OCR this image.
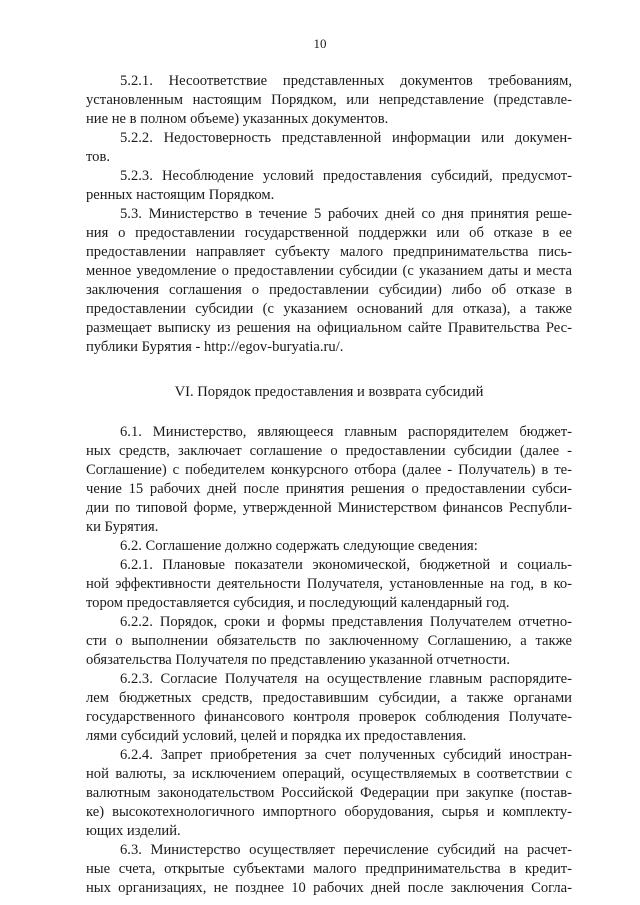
10

5.2.1. Несоответствие представленных документов требованиям,
установленным настоящим Порядком, или непредставление (представле-
ние не в полном объеме) указанных документов.

5.2.2. Недостоверность представленной информации или докумен-
тов.

5.2.3. Несоблюдение условий предоставления субсидий, предусмот-
ренных настоящим Порядком.

5.3. Министерство в течение 5 рабочих дней со дня принятия реше-
ния о предоставлении государственной поддержки или об отказе в ее
предоставлении направляет субъекту малого предпринимательства пись-
менное уведомление о предоставлении субсидии (с указанием даты и места
заключения соглашения о предоставлении субсидии) либо об отказе в
предоставлении субсидии (с указанием оснований для отказа), а также
размещает выписку из решения на официальном сайте Правительства Рес-
публики Бурятия - http://egov-buryatia.ru/.

VI. Порядок предоставления и возврата субсидий

6.1. Министерство, являющееся главным распорядителем бюджет-
ных средств, заключает соглашение о предоставлении субсидии (далее -
Соглашение) с победителем конкурсного отбора (далее - Получатель) в те-
чение 15 рабочих дней после принятия решения о предоставлении субси-
дии по типовой форме, утвержденной Министерством финансов Республи-
ки Бурятия.

6.2. Соглашение должно содержать следующие сведения:

6.2.1. Плановые показатели экономической, бюджетной и социаль-
ной эффективности деятельности Получателя, установленные на год, в ко-
тором предоставляется субсидия, и последующий календарный год.

6.2.2. Порядок, сроки и формы представления Получателем отчетно-
сти о выполнении обязательств по заключенному Соглашению, а также
обязательства Получателя по представлению указанной отчетности.

6.2.3. Согласие Получателя на осуществление главным распорядите-
лем бюджетных средств, предоставившим субсидии, а также органами
государственного финансового контроля проверок соблюдения Получате-
лями субсидий условий, целей и порядка их предоставления.

6.2.4. Запрет приобретения за счет полученных субсидий иностран-
ной валюты, за исключением операций, осуществляемых в соответствии с
валютным законодательством Российской Федерации при закупке (постав-
ке) высокотехнологичного импортного оборудования, сырья и комплекту-
ющих изделий.

6.3. Министерство осуществляет перечисление субсидий на расчет-
ные счета, открытые субъектами малого предпринимательства в кредит-
ных организациях, не позднее 10 рабочих дней после заключения Согла-
